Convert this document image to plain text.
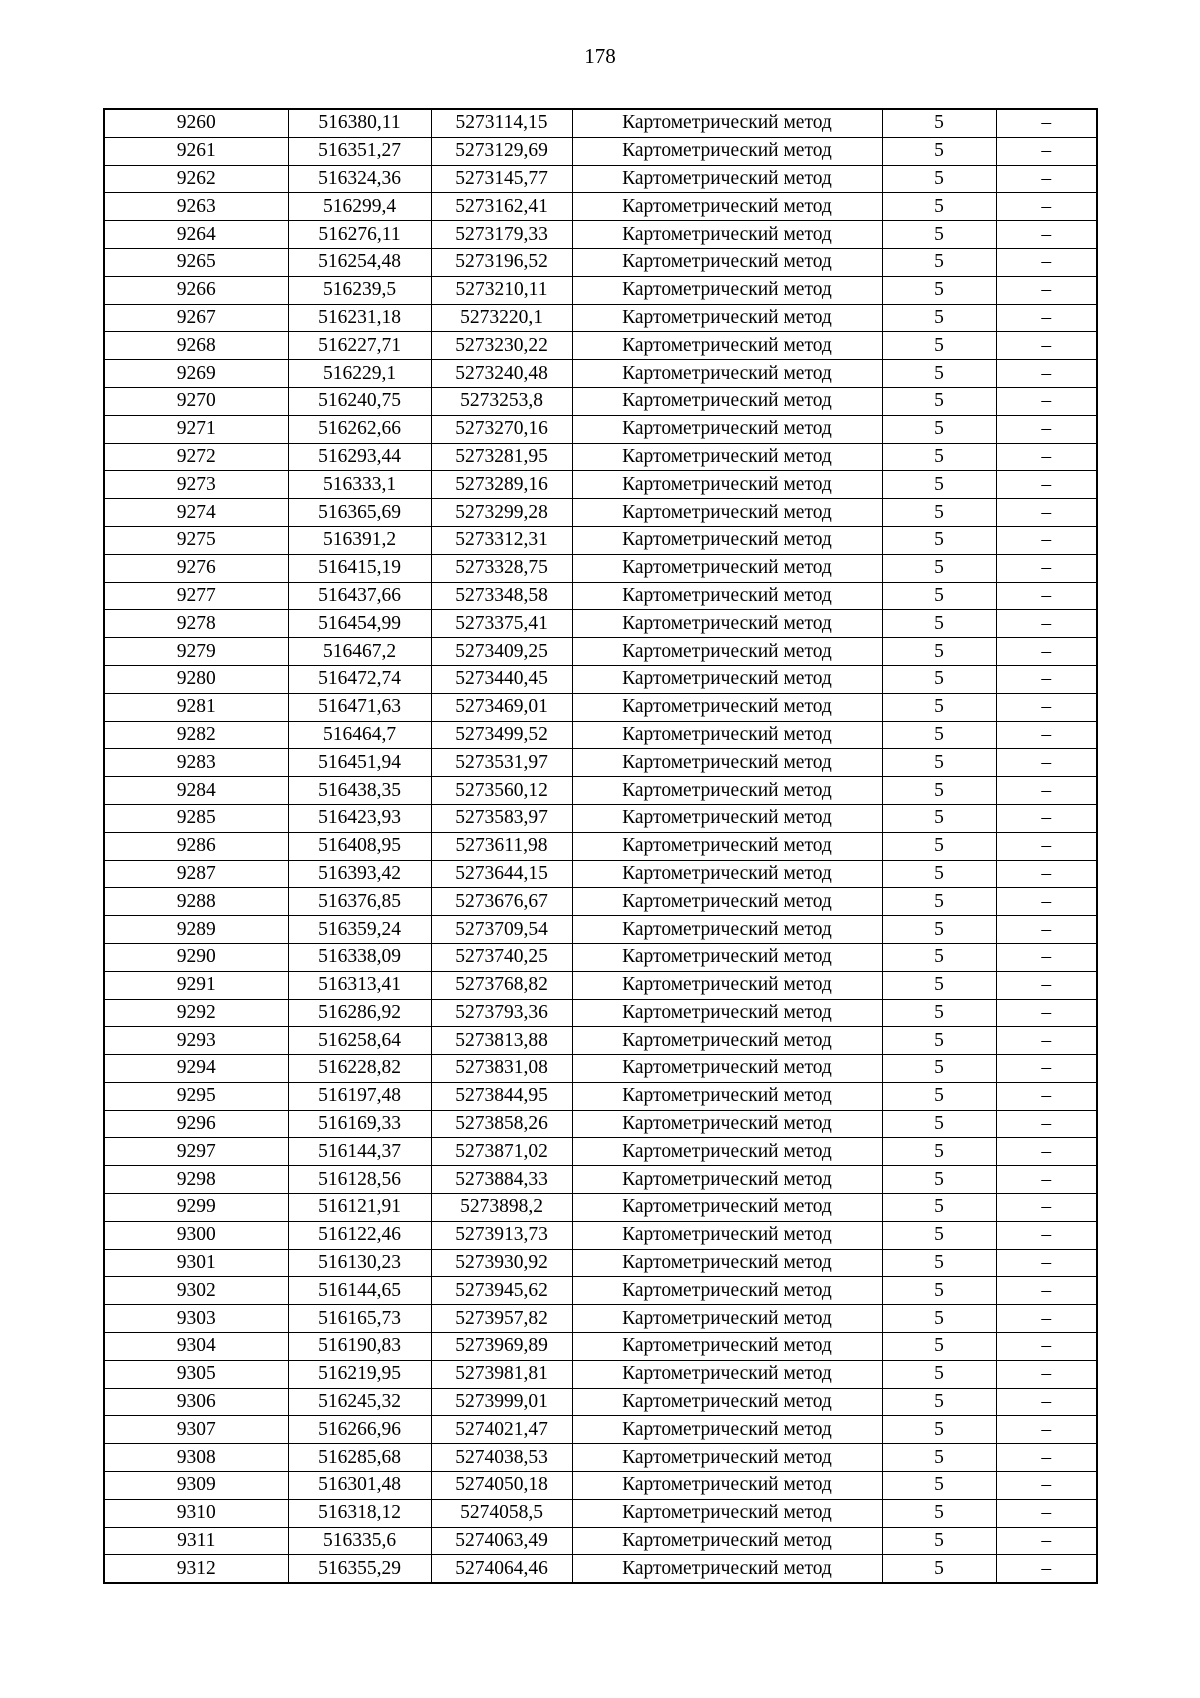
178
9260	516380,11	5273114,15	Картометрический метод	5	–
9261	516351,27	5273129,69	Картометрический метод	5	–
9262	516324,36	5273145,77	Картометрический метод	5	–
9263	516299,4	5273162,41	Картометрический метод	5	–
9264	516276,11	5273179,33	Картометрический метод	5	–
9265	516254,48	5273196,52	Картометрический метод	5	–
9266	516239,5	5273210,11	Картометрический метод	5	–
9267	516231,18	5273220,1	Картометрический метод	5	–
9268	516227,71	5273230,22	Картометрический метод	5	–
9269	516229,1	5273240,48	Картометрический метод	5	–
9270	516240,75	5273253,8	Картометрический метод	5	–
9271	516262,66	5273270,16	Картометрический метод	5	–
9272	516293,44	5273281,95	Картометрический метод	5	–
9273	516333,1	5273289,16	Картометрический метод	5	–
9274	516365,69	5273299,28	Картометрический метод	5	–
9275	516391,2	5273312,31	Картометрический метод	5	–
9276	516415,19	5273328,75	Картометрический метод	5	–
9277	516437,66	5273348,58	Картометрический метод	5	–
9278	516454,99	5273375,41	Картометрический метод	5	–
9279	516467,2	5273409,25	Картометрический метод	5	–
9280	516472,74	5273440,45	Картометрический метод	5	–
9281	516471,63	5273469,01	Картометрический метод	5	–
9282	516464,7	5273499,52	Картометрический метод	5	–
9283	516451,94	5273531,97	Картометрический метод	5	–
9284	516438,35	5273560,12	Картометрический метод	5	–
9285	516423,93	5273583,97	Картометрический метод	5	–
9286	516408,95	5273611,98	Картометрический метод	5	–
9287	516393,42	5273644,15	Картометрический метод	5	–
9288	516376,85	5273676,67	Картометрический метод	5	–
9289	516359,24	5273709,54	Картометрический метод	5	–
9290	516338,09	5273740,25	Картометрический метод	5	–
9291	516313,41	5273768,82	Картометрический метод	5	–
9292	516286,92	5273793,36	Картометрический метод	5	–
9293	516258,64	5273813,88	Картометрический метод	5	–
9294	516228,82	5273831,08	Картометрический метод	5	–
9295	516197,48	5273844,95	Картометрический метод	5	–
9296	516169,33	5273858,26	Картометрический метод	5	–
9297	516144,37	5273871,02	Картометрический метод	5	–
9298	516128,56	5273884,33	Картометрический метод	5	–
9299	516121,91	5273898,2	Картометрический метод	5	–
9300	516122,46	5273913,73	Картометрический метод	5	–
9301	516130,23	5273930,92	Картометрический метод	5	–
9302	516144,65	5273945,62	Картометрический метод	5	–
9303	516165,73	5273957,82	Картометрический метод	5	–
9304	516190,83	5273969,89	Картометрический метод	5	–
9305	516219,95	5273981,81	Картометрический метод	5	–
9306	516245,32	5273999,01	Картометрический метод	5	–
9307	516266,96	5274021,47	Картометрический метод	5	–
9308	516285,68	5274038,53	Картометрический метод	5	–
9309	516301,48	5274050,18	Картометрический метод	5	–
9310	516318,12	5274058,5	Картометрический метод	5	–
9311	516335,6	5274063,49	Картометрический метод	5	–
9312	516355,29	5274064,46	Картометрический метод	5	–
